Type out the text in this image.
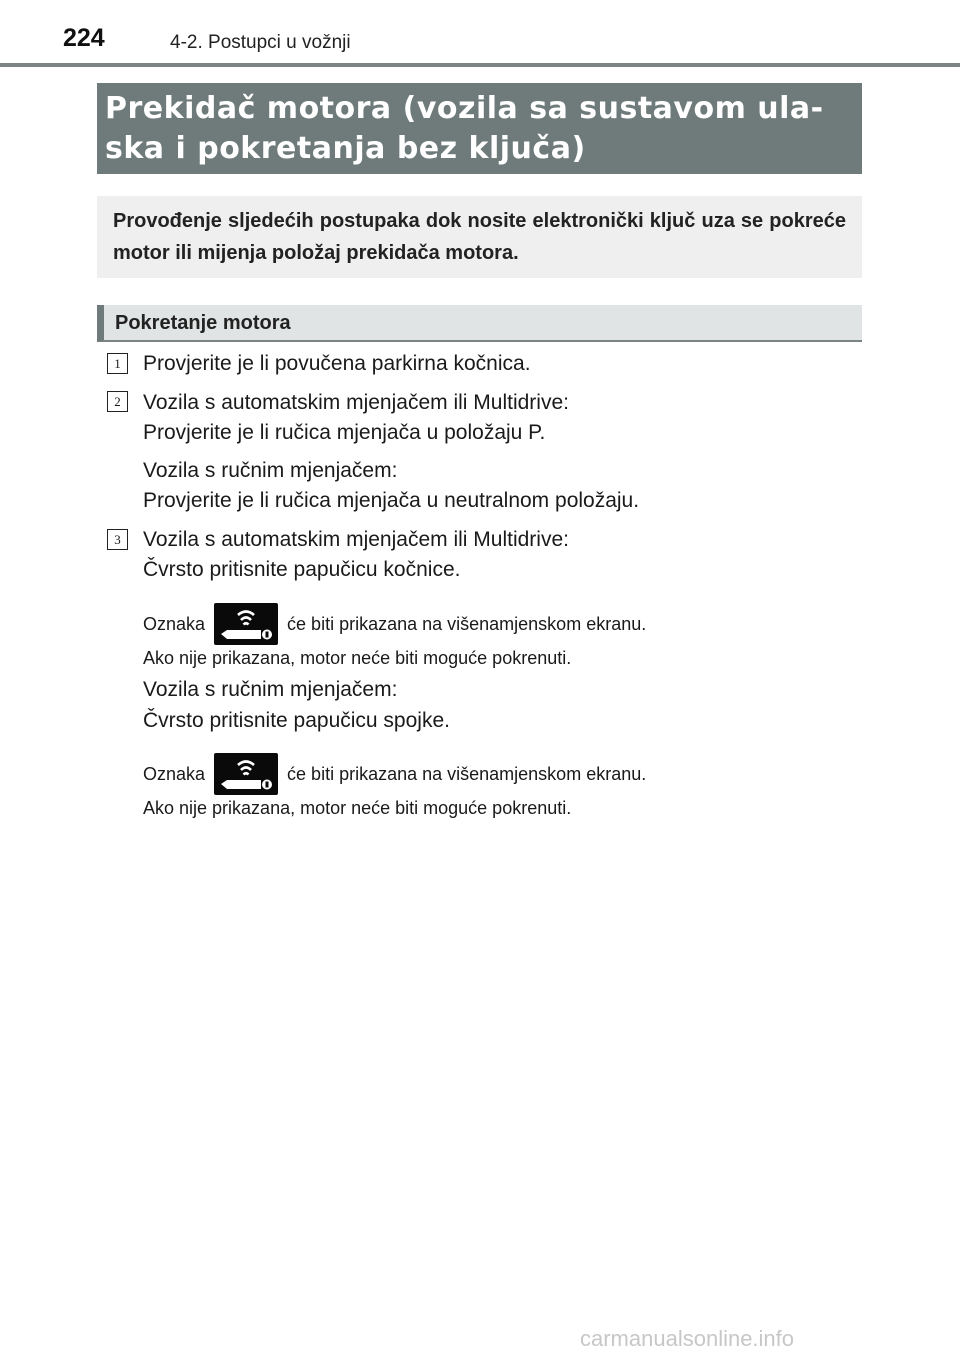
224	4-2. Postupci u vožnji
Prekidač motora (vozila sa sustavom ula-
ska i pokretanja bez ključa)
Provođenje sljedećih postupaka dok nosite elektronički ključ uza se pokreće motor ili mijenja položaj prekidača motora.
Pokretanje motora
1	Provjerite je li povučena parkirna kočnica.
2	Vozila s automatskim mjenjačem ili Multidrive:
Provjerite je li ručica mjenjača u položaju P.
Vozila s ručnim mjenjačem:
Provjerite je li ručica mjenjača u neutralnom položaju.
3	Vozila s automatskim mjenjačem ili Multidrive:
Čvrsto pritisnite papučicu kočnice.
Oznaka	će biti prikazana na višenamjenskom ekranu.
Ako nije prikazana, motor neće biti moguće pokrenuti.
Vozila s ručnim mjenjačem:
Čvrsto pritisnite papučicu spojke.
Oznaka	će biti prikazana na višenamjenskom ekranu.
Ako nije prikazana, motor neće biti moguće pokrenuti.
carmanualsonline.info
